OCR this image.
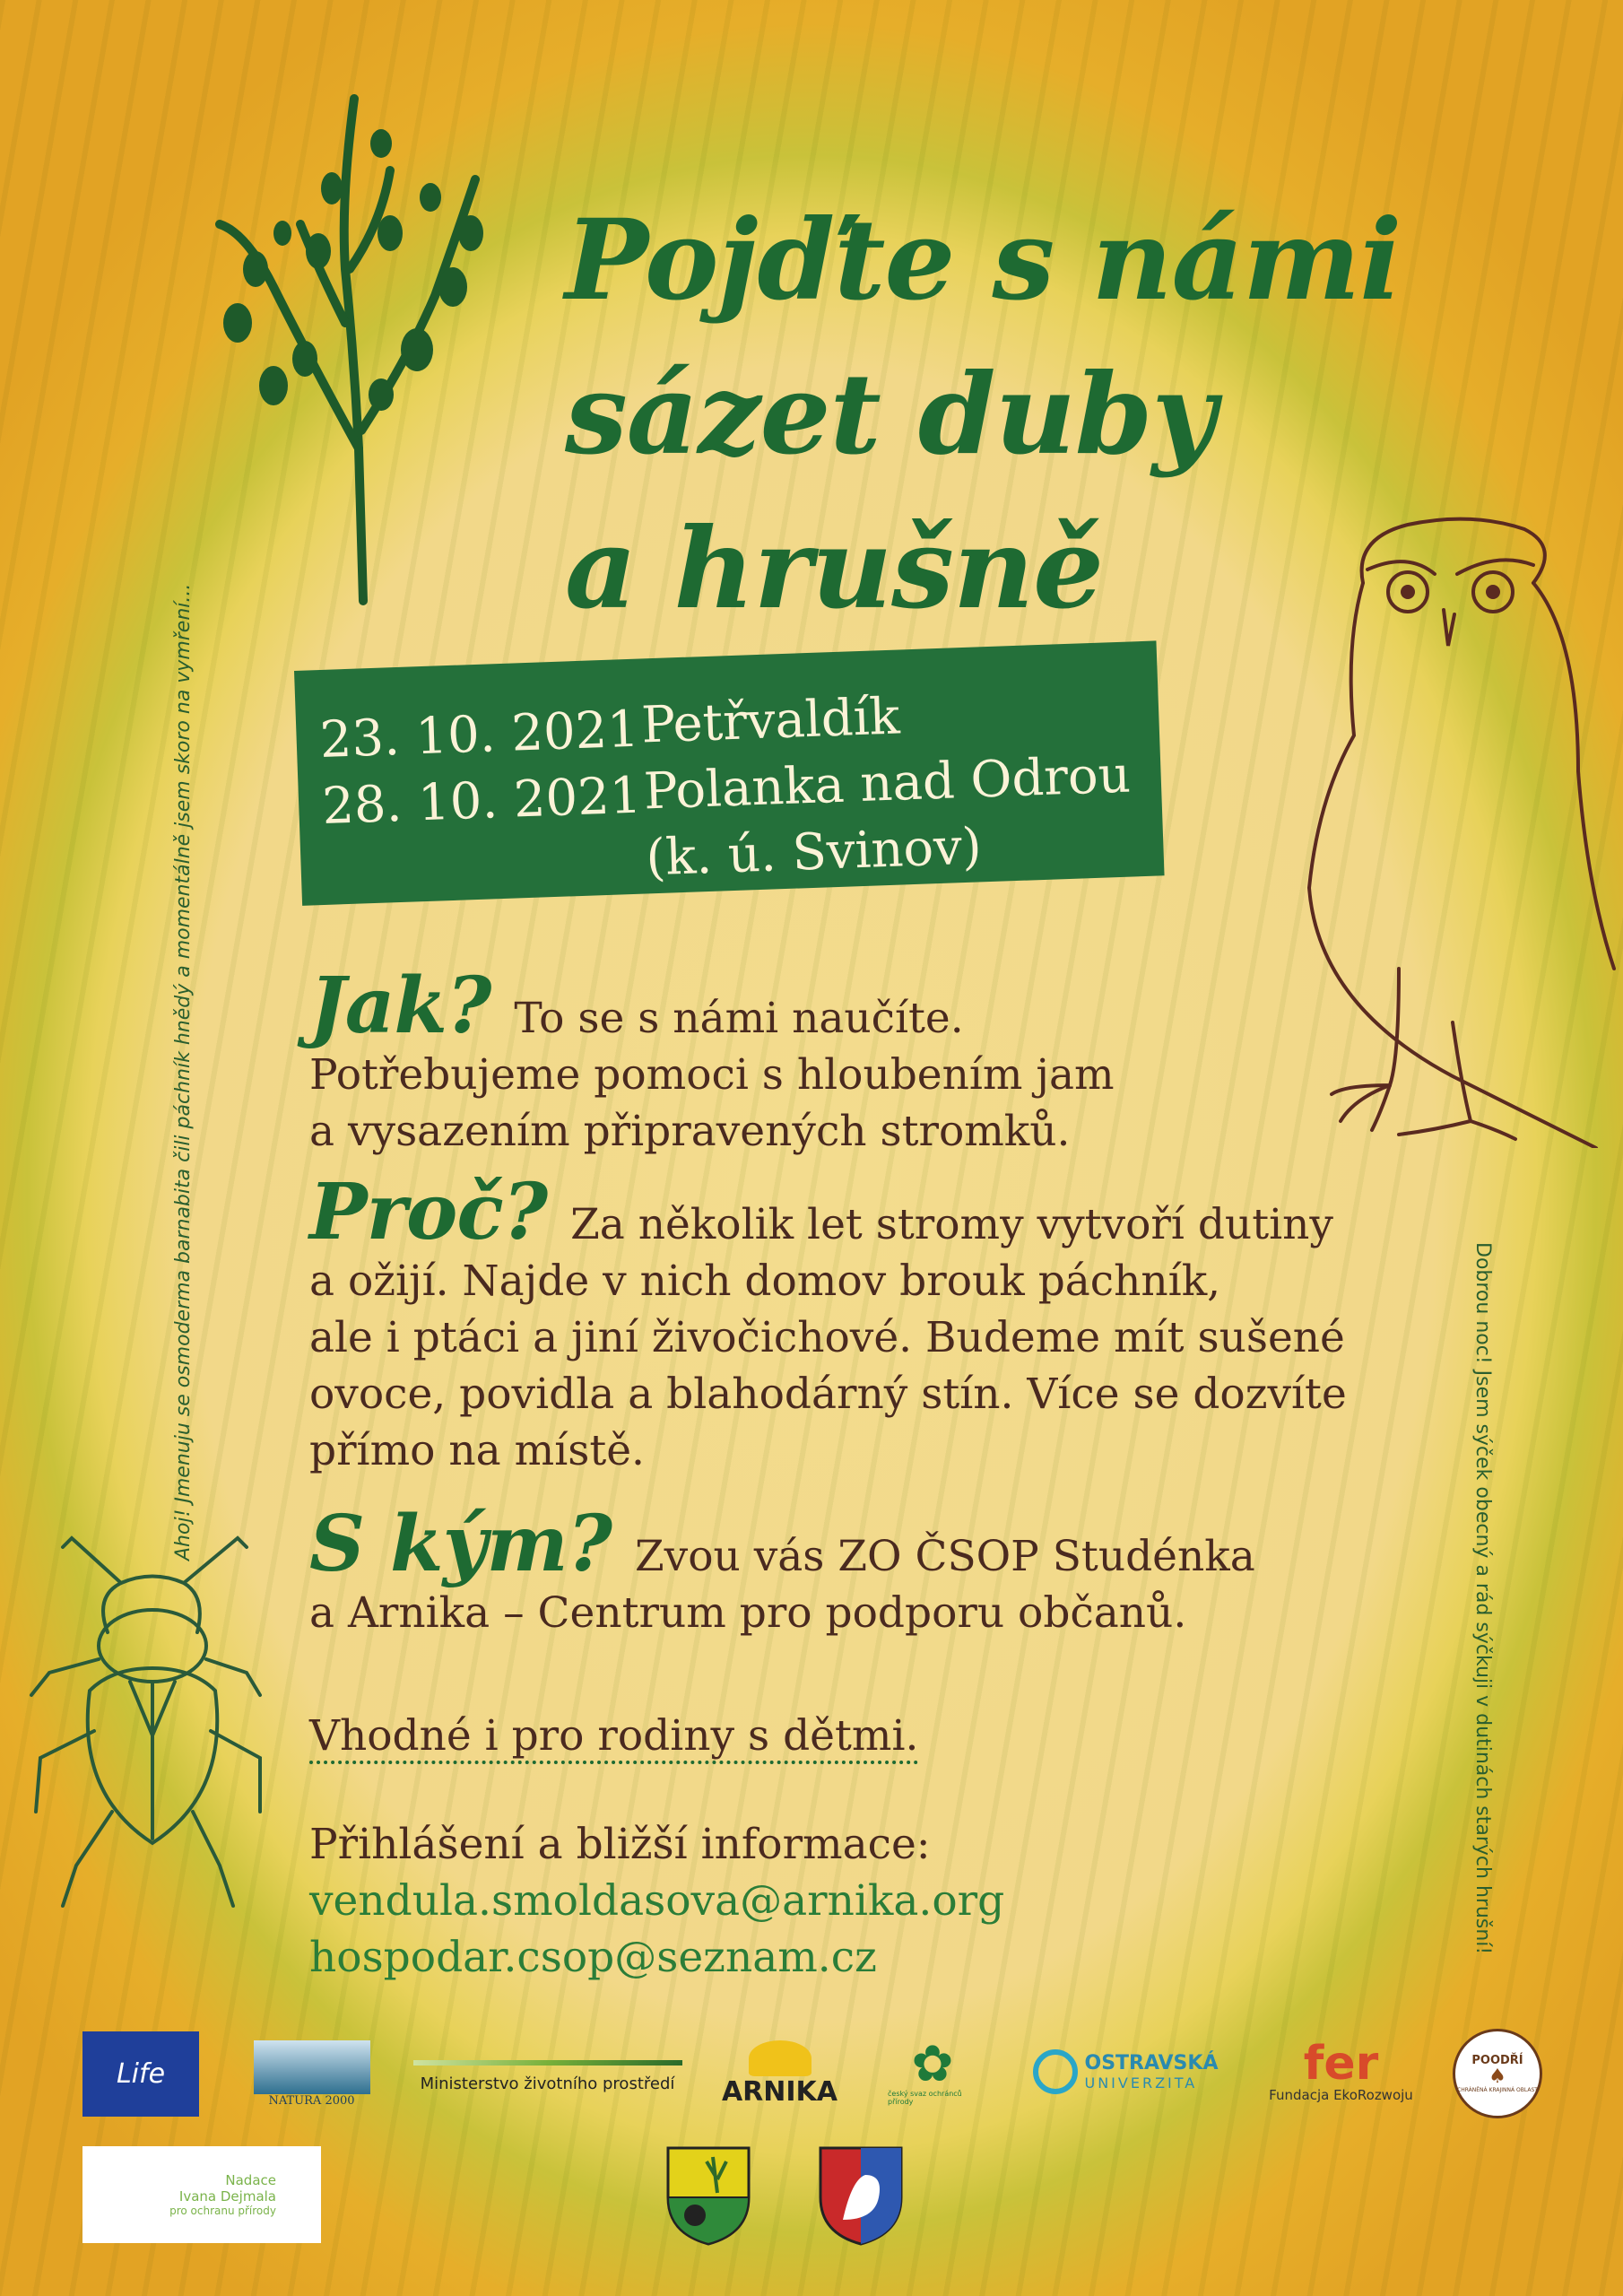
Pojďte s námi
sázet duby
a hrušně
23. 10. 2021
28. 10. 2021
Petřvaldík
Polanka nad Odrou
(k. ú. Svinov)

Jak? To se s námi naučíte.

Potřebujeme pomoci s hloubením jam

a vysazením připravených stromků.

Proč? Za několik let stromy vytvoří dutiny

a ožijí. Najde v nich domov brouk páchník,

ale i ptáci a jiní živočichové. Budeme mít sušené

ovoce, povidla a blahodárný stín. Více se dozvíte

přímo na místě.

S kým? Zvou vás ZO ČSOP Studénka

a Arnika – Centrum pro podporu občanů.

Vhodné i pro rodiny s dětmi.
Přihlášení a bližší informace:
vendula.smoldasova@arnika.org
hospodar.csop@seznam.cz
Ahoj! Jmenuju se osmoderma barnabita čili páchník hnědý a momentálně jsem skoro na vymření...
Dobrou noc! Jsem sýček obecný a rád sýčkuji v dutinách starých hrušní!
Life
NATURA 2000
Ministerstvo životního prostředí ARNIKA ✿
český svaz ochránců přírody
OSTRAVSKÁ
UNIVERZITA	fer
Fundacja EkoRozwoju
POODŘÍ
♠
CHRÁNĚNÁ KRAJINNÁ OBLAST
Nadace
Ivana Dejmala
pro ochranu přírody
